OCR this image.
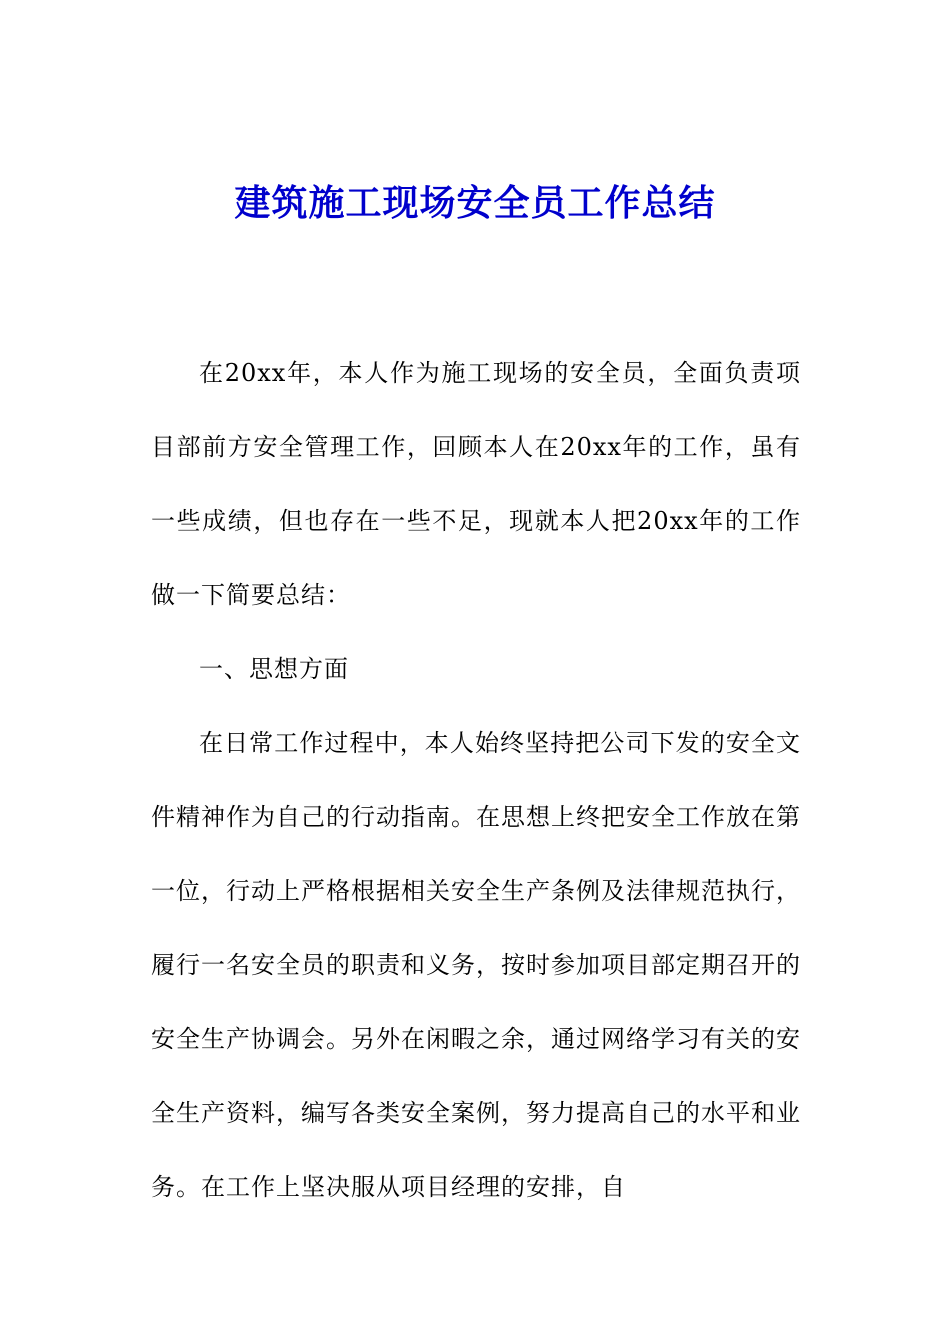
建筑施工现场安全员工作总结

在20xx年，本人作为施工现场的安全员，全面负责项目部前方安全管理工作，回顾本人在20xx年的工作，虽有一些成绩，但也存在一些不足，现就本人把20xx年的工作做一下简要总结：

一、思想方面

在日常工作过程中，本人始终坚持把公司下发的安全文件精神作为自己的行动指南。在思想上终把安全工作放在第一位，行动上严格根据相关安全生产条例及法律规范执行，履行一名安全员的职责和义务，按时参加项目部定期召开的安全生产协调会。另外在闲暇之余，通过网络学习有关的安全生产资料，编写各类安全案例，努力提高自己的水平和业务。在工作上坚决服从项目经理的安排，自
